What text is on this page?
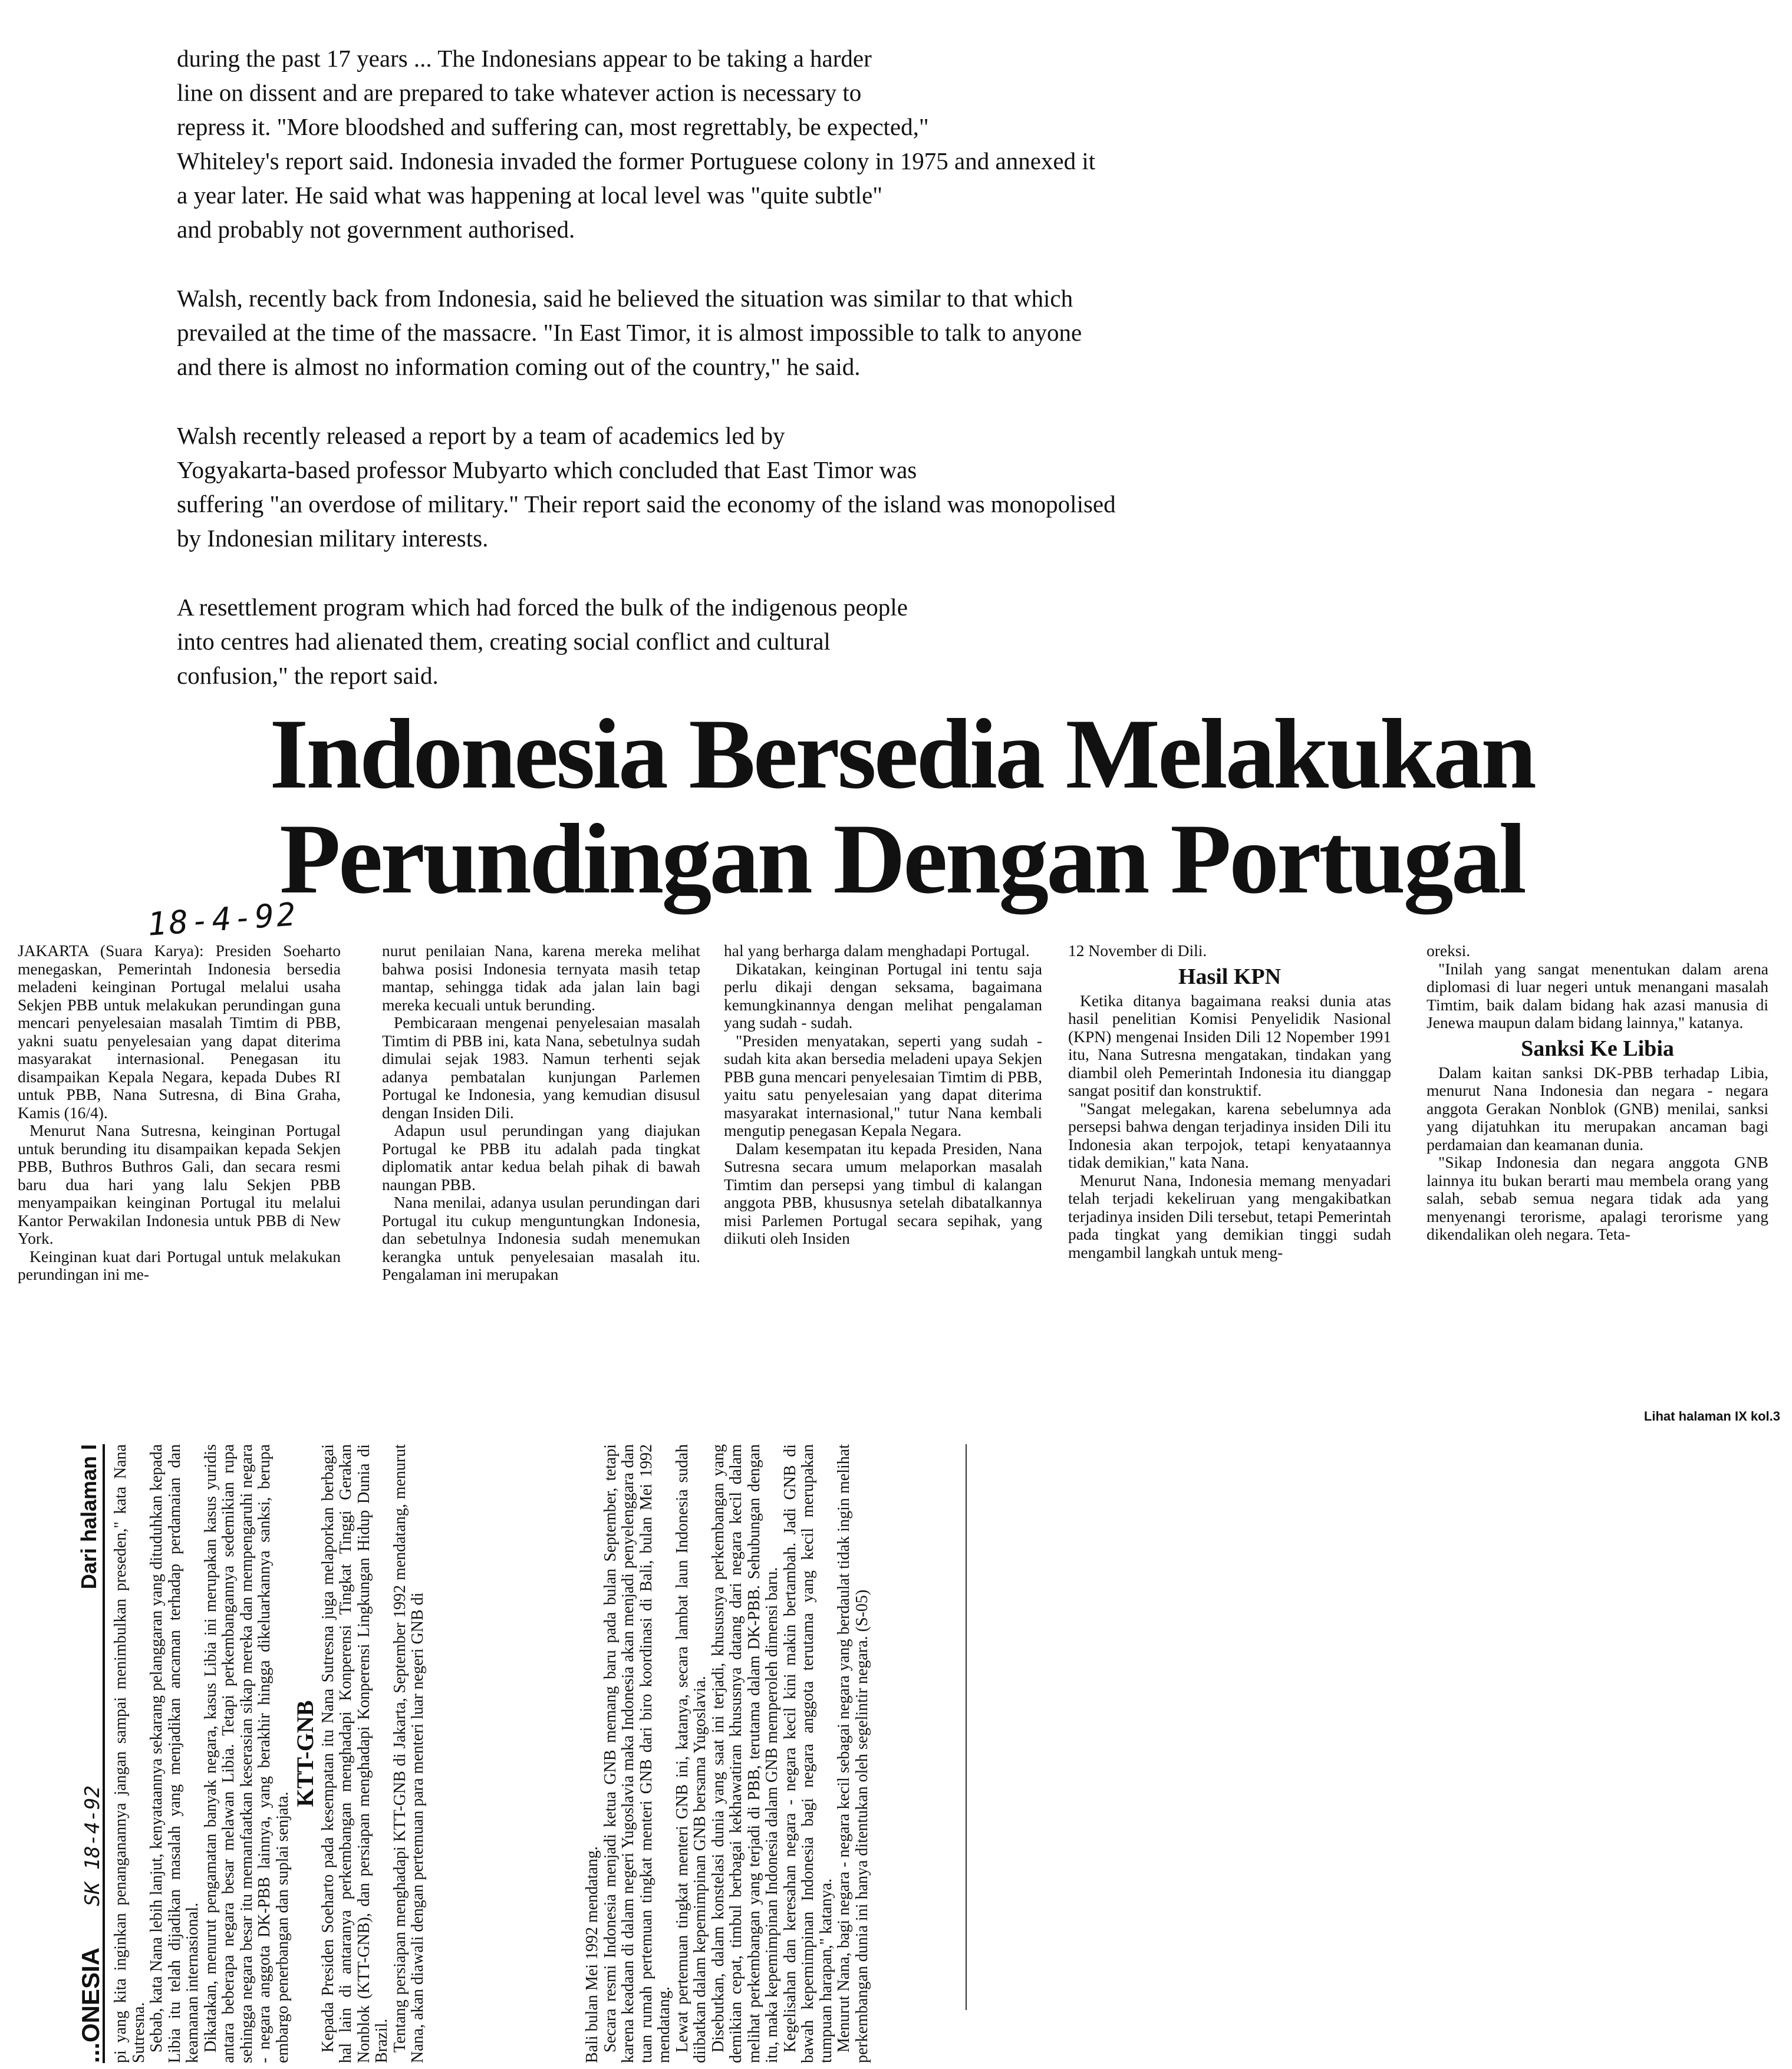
during the past 17 years ... The Indonesians appear to be taking a harder
line on dissent and are prepared to take whatever action is necessary to
repress it. "More bloodshed and suffering can, most regrettably, be expected,"
Whiteley's report said. Indonesia invaded the former Portuguese colony in 1975 and annexed it
a year later. He said what was happening at local level was "quite subtle"
and probably not government authorised.

Walsh, recently back from Indonesia, said he believed the situation was similar to that which
prevailed at the time of the massacre. "In East Timor, it is almost impossible to talk to anyone
and there is almost no information coming out of the country," he said.

Walsh recently released a report by a team of academics led by
Yogyakarta-based professor Mubyarto which concluded that East Timor was
suffering "an overdose of military." Their report said the economy of the island was monopolised
by Indonesian military interests.

A resettlement program which had forced the bulk of the indigenous people
into centres had alienated them, creating social conflict and cultural
confusion," the report said.

Indonesia Bersedia Melakukan Perundingan Dengan Portugal
18-4-92

JAKARTA (Suara Karya): Presiden Soeharto menegaskan, Pemerintah Indonesia bersedia meladeni keinginan Portugal melalui usaha Sekjen PBB untuk melakukan perundingan guna mencari penyelesaian masalah Timtim di PBB, yakni suatu penyelesaian yang dapat diterima masyarakat internasional. Penegasan itu disampaikan Kepala Negara, kepada Dubes RI untuk PBB, Nana Sutresna, di Bina Graha, Kamis (16/4).

Menurut Nana Sutresna, keinginan Portugal untuk berunding itu disampaikan kepada Sekjen PBB, Buthros Buthros Gali, dan secara resmi baru dua hari yang lalu Sekjen PBB menyampaikan keinginan Portugal itu melalui Kantor Perwakilan Indonesia untuk PBB di New York.

Keinginan kuat dari Portugal untuk melakukan perundingan ini me-

nurut penilaian Nana, karena mereka melihat bahwa posisi Indonesia ternyata masih tetap mantap, sehingga tidak ada jalan lain bagi mereka kecuali untuk berunding.

Pembicaraan mengenai penyelesaian masalah Timtim di PBB ini, kata Nana, sebetulnya sudah dimulai sejak 1983. Namun terhenti sejak adanya pembatalan kunjungan Parlemen Portugal ke Indonesia, yang kemudian disusul dengan Insiden Dili.

Adapun usul perundingan yang diajukan Portugal ke PBB itu adalah pada tingkat diplomatik antar kedua belah pihak di bawah naungan PBB.

Nana menilai, adanya usulan perundingan dari Portugal itu cukup menguntungkan Indonesia, dan sebetulnya Indonesia sudah menemukan kerangka untuk penyelesaian masalah itu. Pengalaman ini merupakan

hal yang berharga dalam menghadapi Portugal.

Dikatakan, keinginan Portugal ini tentu saja perlu dikaji dengan seksama, bagaimana kemungkinannya dengan melihat pengalaman yang sudah - sudah.

"Presiden menyatakan, seperti yang sudah - sudah kita akan bersedia meladeni upaya Sekjen PBB guna mencari penyelesaian Timtim di PBB, yaitu satu penyelesaian yang dapat diterima masyarakat internasional," tutur Nana kembali mengutip penegasan Kepala Negara.

Dalam kesempatan itu kepada Presiden, Nana Sutresna secara umum melaporkan masalah Timtim dan persepsi yang timbul di kalangan anggota PBB, khususnya setelah dibatalkannya misi Parlemen Portugal secara sepihak, yang diikuti oleh Insiden

12 November di Dili.

Hasil KPN

Ketika ditanya bagaimana reaksi dunia atas hasil penelitian Komisi Penyelidik Nasional (KPN) mengenai Insiden Dili 12 Nopember 1991 itu, Nana Sutresna mengatakan, tindakan yang diambil oleh Pemerintah Indonesia itu dianggap sangat positif dan konstruktif.

"Sangat melegakan, karena sebelumnya ada persepsi bahwa dengan terjadinya insiden Dili itu Indonesia akan terpojok, tetapi kenyataannya tidak demikian," kata Nana.

Menurut Nana, Indonesia memang menyadari telah terjadi kekeliruan yang mengakibatkan terjadinya insiden Dili tersebut, tetapi Pemerintah pada tingkat yang demikian tinggi sudah mengambil langkah untuk meng-

oreksi.

"Inilah yang sangat menentukan dalam arena diplomasi di luar negeri untuk menangani masalah Timtim, baik dalam bidang hak azasi manusia di Jenewa maupun dalam bidang lainnya," katanya.

Sanksi Ke Libia

Dalam kaitan sanksi DK-PBB terhadap Libia, menurut Nana Indonesia dan negara - negara anggota Gerakan Nonblok (GNB) menilai, sanksi yang dijatuhkan itu merupakan ancaman bagi perdamaian dan keamanan dunia.

"Sikap Indonesia dan negara anggota GNB lainnya itu bukan berarti mau membela orang yang salah, sebab semua negara tidak ada yang menyenangi terorisme, apalagi terorisme yang dikendalikan oleh negara. Teta-

Lihat halaman IX kol.3
...ONESIA SK 18-4-92
Dari halaman I pi yang kita inginkan penanganannya jangan sampai menimbulkan preseden," kata Nana Sutresna. Sebab, kata Nana lebih lanjut, kenyataannya sekarang pelanggaran yang dituduhkan kepada Libia itu telah dijadikan masalah yang menjadikan ancaman terhadap perdamaian dan keamanan internasional. Dikatakan, menurut pengamatan banyak negara, kasus Libia ini merupakan kasus yuridis antara beberapa negara besar melawan Libia. Tetapi perkembangannya sedemikian rupa sehingga negara besar itu memanfaatkan keserasian sikap mereka dan mempengaruhi negara - negara anggota DK-PBB lainnya, yang berakhir hingga dikeluarkannya sanksi, berupa embargo penerbangan dan suplai senjata.

KTT-GNB Kepada Presiden Soeharto pada kesempatan itu Nana Sutresna juga melaporkan berbagai hal lain di antaranya perkembangan menghadapi Konperensi Tingkat Tinggi Gerakan Nonblok (KTT-GNB), dan persiapan menghadapi Konperensi Lingkungan Hidup Dunia di Brazil. Tentang persiapan menghadapi KTT-GNB di Jakarta, September 1992 mendatang, menurut Nana, akan diawali dengan pertemuan para menteri luar negeri GNB di	Bali bulan Mei 1992 mendatang. Secara resmi Indonesia menjadi ketua GNB memang baru pada bulan September, tetapi karena keadaan di dalam negeri Yugoslavia maka Indonesia akan menjadi penyelenggara dan tuan rumah pertemuan tingkat menteri GNB dari biro koordinasi di Bali, bulan Mei 1992 mendatang. Lewat pertemuan tingkat menteri GNB ini, katanya, secara lambat laun Indonesia sudah diibatkan dalam kepemimpinan GNB bersama Yugoslavia. Disebutkan, dalam konstelasi dunia yang saat ini terjadi, khususnya perkembangan yang demikian cepat, timbul berbagai kekhawatiran khususnya datang dari negara kecil dalam melihat perkembangan yang terjadi di PBB, terutama dalam DK-PBB. Sehubungan dengan itu, maka kepemimpinan Indonesia dalam GNB memperoleh dimensi baru. Kegelisahan dan keresahan negara - negara kecil kini makin bertambah. Jadi GNB di bawah kepemimpinan Indonesia bagi negara anggota terutama yang kecil merupakan tumpuan harapan," katanya. Menurut Nana, bagi negara - negara kecil sebagai negara yang berdaulat tidak ingin melihat perkembangan dunia ini hanya ditentukan oleh segelintir negara. (S-05)
